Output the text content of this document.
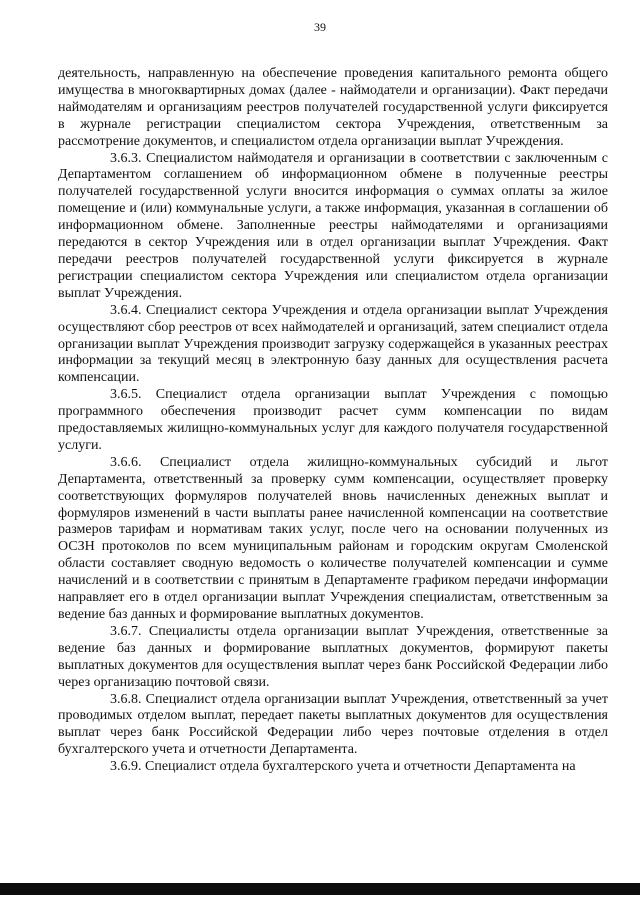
39

деятельность, направленную на обеспечение проведения капитального ремонта общего имущества в многоквартирных домах (далее - наймодатели и организации). Факт передачи наймодателям и организациям реестров получателей государственной услуги фиксируется в журнале регистрации специалистом сектора Учреждения, ответственным за рассмотрение документов, и специалистом отдела организации выплат Учреждения.

3.6.3. Специалистом наймодателя и организации в соответствии с заключенным с Департаментом соглашением об информационном обмене в полученные реестры получателей государственной услуги вносится информация о суммах оплаты за жилое помещение и (или) коммунальные услуги, а также информация, указанная в соглашении об информационном обмене. Заполненные реестры наймодателями и организациями передаются в сектор Учреждения или в отдел организации выплат Учреждения. Факт передачи реестров получателей государственной услуги фиксируется в журнале регистрации специалистом сектора Учреждения или специалистом отдела организации выплат Учреждения.

3.6.4. Специалист сектора Учреждения и отдела организации выплат Учреждения осуществляют сбор реестров от всех наймодателей и организаций, затем специалист отдела организации выплат Учреждения производит загрузку содержащейся в указанных реестрах информации за текущий месяц в электронную базу данных для осуществления расчета компенсации.

3.6.5. Специалист отдела организации выплат Учреждения с помощью программного обеспечения производит расчет сумм компенсации по видам предоставляемых жилищно-коммунальных услуг для каждого получателя государственной услуги.

3.6.6. Специалист отдела жилищно-коммунальных субсидий и льгот Департамента, ответственный за проверку сумм компенсации, осуществляет проверку соответствующих формуляров получателей вновь начисленных денежных выплат и формуляров изменений в части выплаты ранее начисленной компенсации на соответствие размеров тарифам и нормативам таких услуг, после чего на основании полученных из ОСЗН протоколов по всем муниципальным районам и городским округам Смоленской области составляет сводную ведомость о количестве получателей компенсации и сумме начислений и в соответствии с принятым в Департаменте графиком передачи информации направляет его в отдел организации выплат Учреждения специалистам, ответственным за ведение баз данных и формирование выплатных документов.

3.6.7. Специалисты отдела организации выплат Учреждения, ответственные за ведение баз данных и формирование выплатных документов, формируют пакеты выплатных документов для осуществления выплат через банк Российской Федерации либо через организацию почтовой связи.

3.6.8. Специалист отдела организации выплат Учреждения, ответственный за учет проводимых отделом выплат, передает пакеты выплатных документов для осуществления выплат через банк Российской Федерации либо через почтовые отделения в отдел бухгалтерского учета и отчетности Департамента.

3.6.9. Специалист отдела бухгалтерского учета и отчетности Департамента на
